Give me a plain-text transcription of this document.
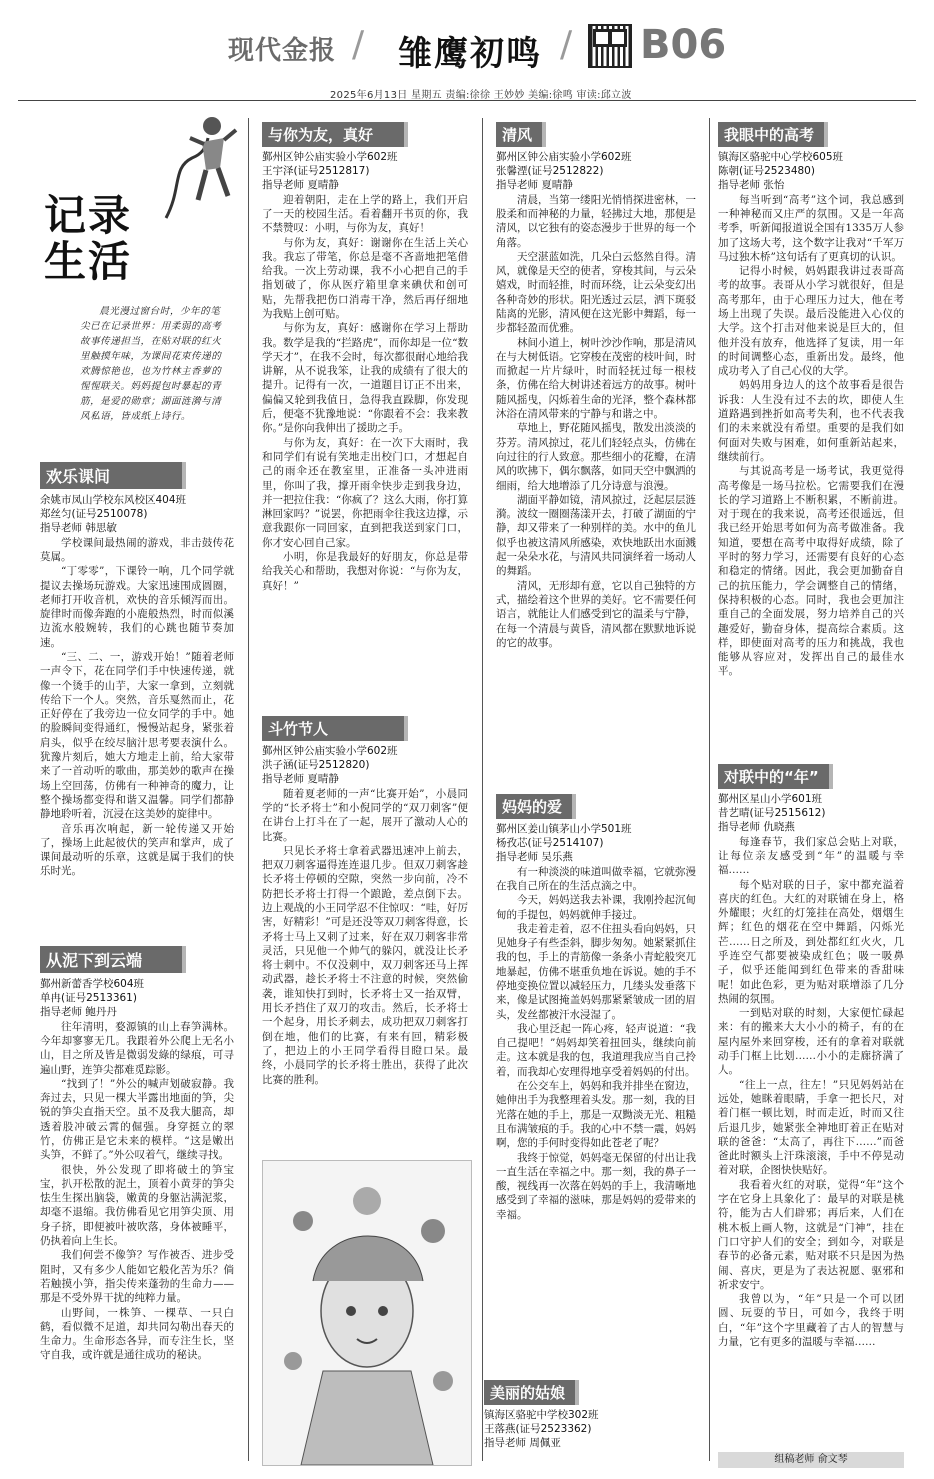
现代金报 / 雏鹰初鸣 / B06
2025年6月13日 星期五 责编:徐徐 王妙妙 美编:徐鸣 审读:邱立波
记录生活
晨光漫过窗台时，少年的笔尖已在记录世界：用柔弱的高考故事传递担当，在贴对联的红火里触摸年味，为课间花束传递的欢腾惊艳也，也为竹林主香萝的惺惺联关。妈妈提包时暴起的青筋，是爱的勋章；湖面涟漪与清风私语，皆成纸上诗行。
欢乐课间
余姚市凤山学校东风校区404班
郑丝匀(证号2510078)
指导老师 韩思敏

学校课间最热闹的游戏，非击鼓传花莫属。

“丁零零”，下课铃一响，几个同学就提议去操场玩游戏。大家迅速围成圆圈，老师打开收音机，欢快的音乐倾泻而出。旋律时而像奔跑的小鹿般热烈，时而似溪边流水般婉转，我们的心跳也随节奏加速。

“三、二、一，游戏开始！”随着老师一声令下，花在同学们手中快速传递，就像一个烫手的山芋，大家一拿到，立刻就传给下一个人。突然，音乐戛然而止，花正好停在了我旁边一位女同学的手中。她的脸瞬间变得通红，慢慢站起身，紧张着肩头，似乎在绞尽脑汁思考要表演什么。犹豫片刻后，她大方地走上前，给大家带来了一首动听的歌曲，那美妙的歌声在操场上空回荡，仿佛有一种神奇的魔力，让整个操场都变得和谐又温馨。同学们都静静地聆听着，沉浸在这美妙的旋律中。

音乐再次响起，新一轮传递又开始了，操场上此起彼伏的笑声和掌声，成了课间最动听的乐章，这就是属于我们的快乐时光。

从泥下到云端
鄞州新蕾香学校604班
单冉(证号2513361)
指导老师 鲍丹丹

往年清明，婺源镇的山上春笋满林。今年却寥寥无几。我跟着外公爬上无名小山，目之所及皆是微弱发綠的绿痕，可寻遍山野，连笋尖都难觅踪影。

“找到了！”外公的喊声划破寂静。我奔过去，只见一棵大半露出地面的笋，尖锐的笋尖直指天空。虽不及我大腿高，却透着股冲破云霄的倔强。身穿挺立的翠竹，仿佛正是它未来的模样。“这是嫩出头笋，不鲜了。”外公叹着气，继续寻找。

很快，外公发现了即将破土的笋宝宝，扒开松散的泥土，顶着小黄芽的笋尖怯生生探出脑袋，嫩黄的身躯沾满泥浆，却毫不退缩。我仿佛看见它用笋尖顶、用身子挤，即便被叶被吹落，身体被睡平，仍执着向上生长。

我们何尝不像笋？写作被否、进步受阻时，又有多少人能如它般化苦为乐？倘若触摸小笋，指尖传来蓬勃的生命力——那是不受外界干扰的纯粹力量。

山野间，一株笋、一棵草、一只白鹤，看似微不足道，却共同勾勒出春天的生命力。生命形态各异，而专注生长，坚守自我，或许就是通往成功的秘诀。

与你为友，真好
鄞州区钟公庙实验小学602班
王宇泽(证号2512817)
指导老师 夏晴静

迎着朝阳，走在上学的路上，我们开启了一天的校园生活。看着翻开书页的你，我不禁赞叹：小明，与你为友，真好！

与你为友，真好：谢谢你在生活上关心我。我忘了带笔，你总是毫不吝啬地把笔借给我。一次上劳动课，我不小心把自己的手指划破了，你从医疗箱里拿来碘伏和创可贴，先帮我把伤口消毒干净，然后再仔细地为我贴上创可贴。

与你为友，真好：感谢你在学习上帮助我。数学是我的“拦路虎”，而你却是一位“数学天才”，在我不会时，每次都很耐心地给我讲解，从不说我笨，让我的成绩有了很大的提升。记得有一次，一道题目订正不出来，偏偏又轮到我值日，急得我直跺脚，你发现后，便毫不犹豫地说：“你跟着不会：我来教你。”是你向我伸出了援助之手。

与你为友，真好：在一次下大雨时，我和同学们有说有笑地走出校门口，才想起自己的雨伞还在教室里，正准备一头冲进雨里，你叫了我，撑开雨伞快步走到我身边，并一把拉住我：“你疯了？这么大雨，你打算淋回家吗？”说罢，你把雨伞往我这边撑，示意我跟你一同回家，直到把我送到家门口，你才安心回自己家。

小明，你是我最好的好朋友，你总是带给我关心和帮助，我想对你说：“与你为友，真好！”

斗竹节人
鄞州区钟公庙实验小学602班
洪子涵(证号2512820)
指导老师 夏晴静

随着夏老师的一声“比赛开始”，小晨同学的“长矛将士”和小倪同学的“双刀刺客”便在讲台上打斗在了一起，展开了激动人心的比赛。

只见长矛将士拿着武器迅速冲上前去，把双刀刺客逼得连连退几步。但双刀刺客趁长矛将士停顿的空隙，突然一步向前，冷不防把长矛将士打得一个踉跄，差点倒下去。边上观战的小王同学忍不住惊叹：“哇，好厉害，好精彩！”可是还没等双刀刺客得意，长矛将士马上又刺了过来，好在双刀刺客非常灵活，只见他一个帅气的躲闪，就没让长矛将士刺中。不仅没刺中，双刀刺客还马上挥动武器，趁长矛将士不注意的时候，突然偷袭，谁知快打到时，长矛将士又一抬双臂，用长矛挡住了双刀的攻击。然后，长矛将士一个起身，用长矛刺去，成功把双刀刺客打倒在地，他们的比赛，有来有回，精彩极了，把边上的小王同学看得目瞪口呆。最终，小晨同学的长矛将士胜出，获得了此次比赛的胜利。

清风
鄞州区钟公庙实验小学602班
张馨湮(证号2512822)
指导老师 夏晴静

清晨，当第一缕阳光悄悄探进密林，一股柔和而神秘的力量，轻拂过大地，那便是清风，以它独有的姿态漫步于世界的每一个角落。

天空湛蓝如洗，几朵白云悠然自得。清风，就像是天空的使者，穿梭其间，与云朵嬉戏，时而轻推，时而环绕，让云朵变幻出各种奇妙的形状。阳光透过云层，洒下斑驳陆离的光影，清风便在这光影中舞蹈，每一步都轻盈而优雅。

林间小道上，树叶沙沙作响，那是清风在与大树低语。它穿梭在茂密的枝叶间，时而掀起一片片绿叶，时而轻抚过每一根枝条，仿佛在给大树讲述着远方的故事。树叶随风摇曳，闪烁着生命的光泽，整个森林都沐浴在清风带来的宁静与和谐之中。

草地上，野花随风摇曳，散发出淡淡的芬芳。清风掠过，花儿们轻轻点头，仿佛在向过往的行人致意。那些细小的花瓣，在清风的吹拂下，偶尔飘落，如同天空中飘洒的细雨，给大地增添了几分诗意与浪漫。

湖面平静如镜，清风掠过，泛起层层涟漪。波纹一圈圈荡漾开去，打破了湖面的宁静，却又带来了一种别样的美。水中的鱼儿似乎也被这清风所感染，欢快地跃出水面溅起一朵朵水花，与清风共同演绎着一场动人的舞蹈。

清风，无形却有意，它以自己独特的方式，描绘着这个世界的美好。它不需要任何语言，就能让人们感受到它的温柔与宁静，在每一个清晨与黄昏，清风都在默默地诉说的它的故事。

妈妈的爱
鄞州区姜山镇茅山小学501班
杨孜芯(证号2514107)
指导老师 吴乐燕

有一种淡淡的味道叫做幸福，它就弥漫在我自己所在的生活点滴之中。

今天，妈妈送我去补课，我刚拎起沉甸甸的手提包，妈妈就伸手接过。

我走着走着，忍不住扭头看向妈妈，只见她身子有些歪斜，脚步匆匆。她紧紧抓住我的包，手上的青筋像一条条小青蛇般突兀地暴起，仿佛不堪重负地在诉说。她的手不停地变换位置以减轻压力，几缕头发垂落下来，像是试图掩盖妈妈那紧紧皱成一团的眉头，发丝都被汗水浸湿了。

我心里泛起一阵心疼，轻声说道：“我自己提吧！”妈妈却笑着扭回头，继续向前走。这本就是我的包，我道理我应当自己拎着，而我却心安理得地享受着妈妈的付出。

在公交车上，妈妈和我并排坐在窗边，她伸出手为我整理着头发。那一刻，我的目光落在她的手上，那是一双黝淡无光、粗糙且布满皱痕的手。我的心中不禁一震，妈妈啊，您的手何时变得如此苍老了呢？

我终于惊觉，妈妈毫无保留的付出让我一直生活在幸福之中。那一刻，我的鼻子一酸，视线再一次落在妈妈的手上，我清晰地感受到了幸福的滋味，那是妈妈的爱带来的幸福。

美丽的姑娘
镇海区骆驼中学校302班
王落燕(证号2523362)
指导老师 周佩亚
我眼中的高考
镇海区骆驼中心学校605班
陈朝(证号2523480)
指导老师 张怡

每当听到“高考”这个词，我总感到一种神秘而又庄严的氛围。又是一年高考季，听新闻报道说全国有1335万人参加了这场大考，这个数字让我对“千军万马过独木桥”这句话有了更真切的认识。

记得小时候，妈妈跟我讲过表哥高考的故事。表哥从小学习就很好，但是高考那年，由于心理压力过大，他在考场上出现了失误。最后没能进入心仪的大学。这个打击对他来说是巨大的，但他并没有放弃，他选择了复读，用一年的时间调整心态，重新出发。最终，他成功考入了自己心仪的大学。

妈妈用身边人的这个故事看是很告诉我：人生没有过不去的坎，即使人生道路遇到挫折如高考失利，也不代表我们的未来就没有希望。重要的是我们如何面对失败与困难，如何重新站起来，继续前行。

与其说高考是一场考试，我更觉得高考像是一场马拉松。它需要我们在漫长的学习道路上不断积累，不断前进。对于现在的我来说，高考还很遥远，但我已经开始思考如何为高考做准备。我知道，要想在高考中取得好成绩，除了平时的努力学习，还需要有良好的心态和稳定的情绪。因此，我会更加勤奋自己的抗压能力，学会调整自己的情绪，保持积极的心态。同时，我也会更加注重自己的全面发展，努力培养自己的兴趣爱好，勤奋身体，提高综合素质。这样，即使面对高考的压力和挑战，我也能够从容应对，发挥出自己的最佳水平。

对联中的“年”
鄞州区星山小学601班
昔艺晴(证号2515612)
指导老师 仇晓燕

每逢春节，我们家总会贴上对联，让每位亲友感受到“年”的温暖与幸福……

每个贴对联的日子，家中都充溢着喜庆的红色。大红的对联铺在身上，格外耀眼；火红的灯笼挂在高处，烟烟生辉；红色的烟花在空中舞蹈，闪烁光芒……日之所及，到处都红红火火，几乎连空气都要被染成红色；吸一吸鼻子，似乎还能闻到红色带来的香甜味呢！如此色彩，更为贴对联增添了几分热闹的氛围。

一到贴对联的时刻，大家便忙碌起来：有的搬来大大小小的椅子，有的在屋内屋外来回穿梭，还有的拿着对联就动手门框上比划……小小的走廊挤满了人。

“往上一点，往左！”只见妈妈站在远处，她眯着眼睛，手拿一把长尺，对着门框一顿比划，时而走近，时而又往后退几步，她紧张全神地盯着正在贴对联的爸爸：“太高了，再往下……”而爸爸此时额头上汗珠滚滚，手中不停晃动着对联，企图快快贴好。

我看着火红的对联，觉得“年”这个字在它身上具象化了：最早的对联是桃符，能为古人们辟邪；再后来，人们在桃木板上画人物，这就是“门神”，挂在门口守护人们的安全；到如今，对联是春节的必备元素，贴对联不只是因为热闹、喜庆，更是为了表达祝愿、驱邪和祈求安宁。

我曾以为，“年”只是一个可以团圆、玩耍的节日，可如今，我终于明白，“年”这个字里藏着了古人的智慧与力量，它有更多的温暖与幸福……

组稿老师 俞文琴
